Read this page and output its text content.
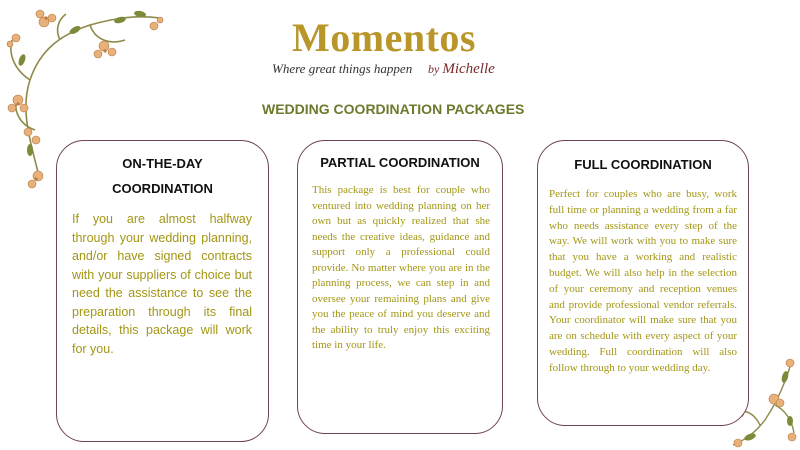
Momentos
Where great things happen by Michelle
WEDDING COORDINATION PACKAGES
ON-THE-DAY COORDINATION
If you are almost halfway through your wedding planning, and/or have signed contracts with your suppliers of choice but need the assistance to see the preparation through its final details, this package will work for you.
PARTIAL COORDINATION
This package is best for couple who ventured into wedding planning on her own but as quickly realized that she needs the creative ideas, guidance and support only a professional could provide. No matter where you are in the planning process, we can step in and oversee your remaining plans and give you the peace of mind you deserve and the ability to truly enjoy this exciting time in your life.
FULL COORDINATION
Perfect for couples who are busy, work full time or planning a wedding from a far who needs assistance every step of the way. We will work with you to make sure that you have a working and realistic budget. We will also help in the selection of your ceremony and reception venues and provide professional vendor referrals. Your coordinator will make sure that you are on schedule with every aspect of your wedding. Full coordination will also follow through to your wedding day.
